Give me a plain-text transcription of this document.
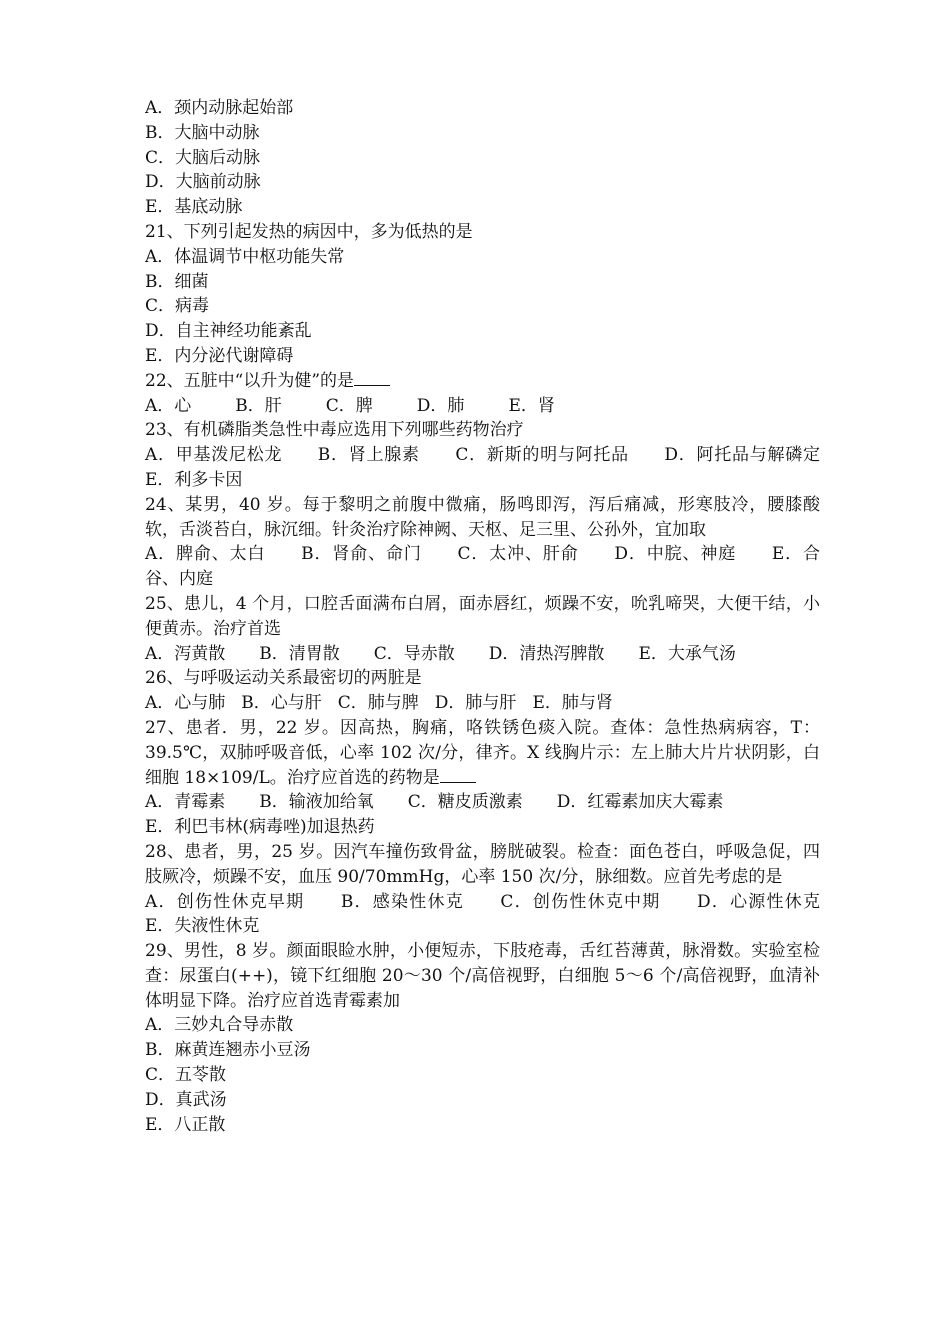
A．颈内动脉起始部
B．大脑中动脉
C．大脑后动脉
D．大脑前动脉
E．基底动脉
21、下列引起发热的病因中，多为低热的是
A．体温调节中枢功能失常
B．细菌
C．病毒
D．自主神经功能紊乱
E．内分泌代谢障碍
22、五脏中“以升为健”的是
A．心	B．肝	C．脾	D．肺	E．肾
23、有机磷脂类急性中毒应选用下列哪些药物治疗
A．甲基泼尼松龙　　B．肾上腺素　　C．新斯的明与阿托品　　D．阿托品与解磷定　　E．利多卡因
24、某男，40 岁。每于黎明之前腹中微痛，肠鸣即泻，泻后痛减，形寒肢冷，腰膝酸软，舌淡苔白，脉沉细。针灸治疗除神阙、天枢、足三里、公孙外，宜加取
A．脾俞、太白　　B．肾俞、命门　　C．太冲、肝俞　　D．中脘、神庭　　E．合谷、内庭
25、患儿，4 个月，口腔舌面满布白屑，面赤唇红，烦躁不安，吮乳啼哭，大便干结，小便黄赤。治疗首选
A．泻黄散 B．清胃散 C．导赤散 D．清热泻脾散 E．大承气汤
26、与呼吸运动关系最密切的两脏是
A．心与肺 B．心与肝 C．肺与脾 D．肺与肝 E．肺与肾
27、患者．男，22 岁。因高热，胸痛，咯铁锈色痰入院。查体：急性热病病容，T：39.5℃，双肺呼吸音低，心率 102 次/分，律齐。X 线胸片示：左上肺大片片状阴影，白细胞 18×109/L。治疗应首选的药物是
A．青霉素 B．输液加给氧 C．糖皮质激素 D．红霉素加庆大霉素
E．利巴韦林(病毒唑)加退热药
28、患者，男，25 岁。因汽车撞伤致骨盆，膀胱破裂。检查：面色苍白，呼吸急促，四肢厥冷，烦躁不安，血压 90/70mmHg，心率 150 次/分，脉细数。应首先考虑的是
A．创伤性休克早期　　B．感染性休克　　C．创伤性休克中期　　D．心源性休克　　E．失液性休克
29、男性，8 岁。颜面眼睑水肿，小便短赤，下肢疮毒，舌红苔薄黄，脉滑数。实验室检查：尿蛋白(++)，镜下红细胞 20～30 个/高倍视野，白细胞 5～6 个/高倍视野，血清补体明显下降。治疗应首选青霉素加
A．三妙丸合导赤散
B．麻黄连翘赤小豆汤
C．五苓散
D．真武汤
E．八正散
